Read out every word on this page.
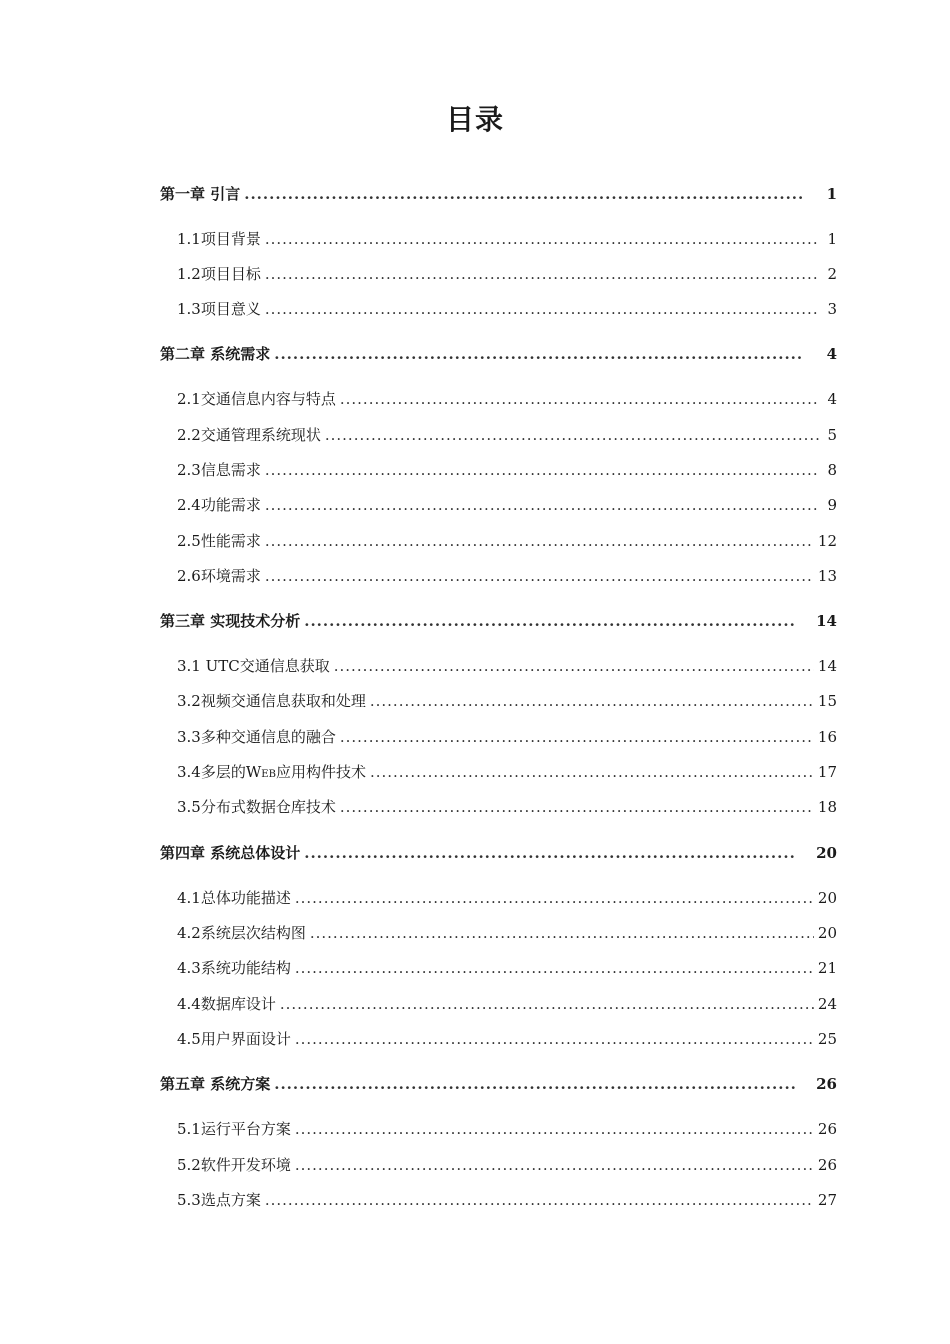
目录
第一章 引言 .....	1
1.1项目背景 .....	1
1.2项目目标 .....	2
1.3项目意义 .....	3
第二章 系统需求 .....	4
2.1交通信息内容与特点 .....	4
2.2交通管理系统现状 .....	5
2.3信息需求 .....	8
2.4功能需求 .....	9
2.5性能需求 .....	12
2.6环境需求 .....	13
第三章 实现技术分析 .....	14
3.1 UTC交通信息获取 .....	14
3.2视频交通信息获取和处理 .....	15
3.3多种交通信息的融合 .....	16
3.4多层的WEB应用构件技术 .....	17
3.5分布式数据仓库技术 .....	18
第四章 系统总体设计 .....	20
4.1总体功能描述 .....	20
4.2系统层次结构图 .....	20
4.3系统功能结构 .....	21
4.4数据库设计 .....	24
4.5用户界面设计 .....	25
第五章 系统方案 .....	26
5.1运行平台方案 .....	26
5.2软件开发环境 .....	26
5.3选点方案 .....	27
